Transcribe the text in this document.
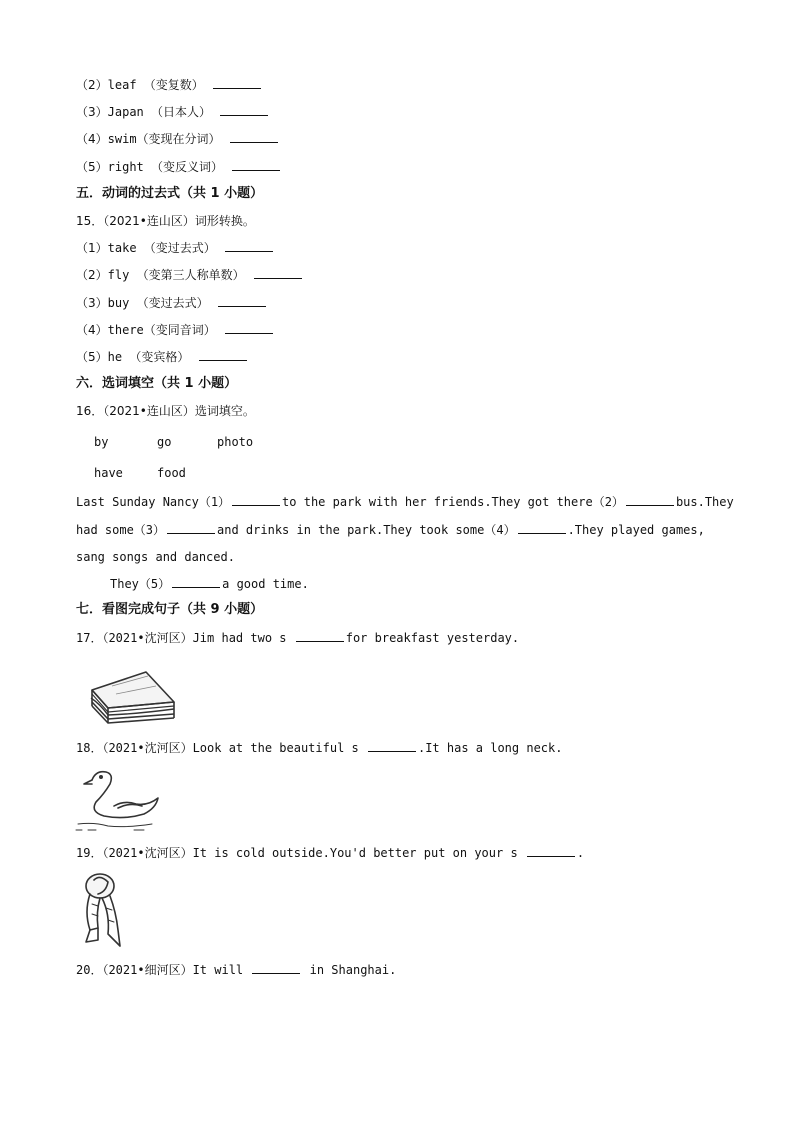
（2）leaf （变复数）
（3）Japan （日本人）
（4）swim（变现在分词）
（5）right （变反义词）
五．动词的过去式（共 1 小题）
15．（2021•连山区）词形转换。
（1）take （变过去式）
（2）fly （变第三人称单数）
（3）buy （变过去式）
（4）there（变同音词）
（5）he （变宾格）
六．选词填空（共 1 小题）
16．（2021•连山区）选词填空。
by	go	photo
have	food
Last Sunday Nancy（1）	to the park with her friends.They got there（2）	bus.They
had some（3）	and drinks in the park.They took some（4）	.They played games,
sang songs and danced.
They（5）	a good time.
七．看图完成句子（共 9 小题）
17．（2021•沈河区）Jim had two s	for breakfast yesterday.
18．（2021•沈河区）Look at the beautiful s	.It has a long neck.
19．（2021•沈河区）It is cold outside.You'd better put on your s	.
20．（2021•细河区）It will	in Shanghai.
